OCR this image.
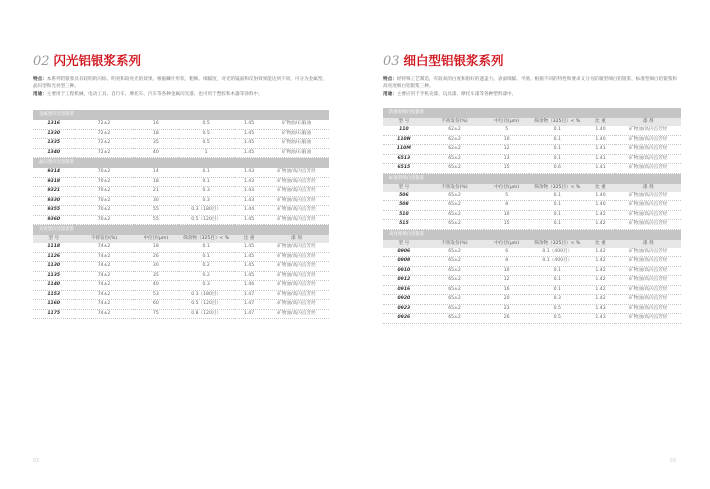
02 闪光铝银浆系列

特点：本系列铝银浆具有较明的闪烁、明亮和较亮光的效果。根据鳞片形状、粗细、细腻度，对光的镜面和反射效果能达到不同，可分为金属型、晶闪型和光亮型三种。

用途：主要用于工程机械、电动工具、自行车、摩托车、汽车等各种金属闪光漆，也可用于塑胶和木器等涂料中。

金属型闪光铝银浆					
1316	72±2	16	0.5	1.45	矿物油/石脑油
1330	72±2	18	0.5	1.45	矿物油/石脑油
1335	72±2	35	0.5	1.45	矿物油/石脑油
1340	72±2	40	1	1.45	矿物油/石脑油
晶闪型闪光铝银浆					
9314	70±2	14	0.1	1.43	矿物油/高闪点芳烃
9318	70±2	18	0.1	1.43	矿物油/高闪点芳烃
9321	70±2	21	0.3	1.43	矿物油/高闪点芳烃
9330	70±2	30	0.3	1.43	矿物油/高闪点芳烃
9355	70±2	55	0.3（180目）	1.44	矿物油/高闪点芳烃
9360	70±2	55	0.5（120目）	1.45	矿物油/高闪点芳烃
光亮型闪光铝银浆					
型 号	不挥发份(%)	中位径(μm)	筛余物（325目）< %	比 重	漆 剂
1118	74±2	18	0.1	1.45	矿物油/高闪点芳烃
1126	74±2	26	0.1	1.45	矿物油/高闪点芳烃
1130	74±2	30	0.2	1.45	矿物油/高闪点芳烃
1135	74±2	35	0.2	1.45	矿物油/高闪点芳烃
1140	74±2	40	0.3	1.46	矿物油/高闪点芳烃
1153	74±2	53	0.3（180目）	1.47	矿物油/高闪点芳烃
1160	74±2	60	0.5（120目）	1.47	矿物油/高闪点芳烃
1175	74±2	75	0.8（120目）	1.47	矿物油/高闪点芳烃
02
03 细白型铝银浆系列

特点：经特殊工艺制造，有较高的白度和很好的遮盖力。表面细腻、平滑。根据不同的特性和要求又分为防腐型细白铝银浆、标准型细白铝银浆和高亮度细白铝银浆三种。

用途：主要应用于手机壳漆、玩具漆、摩托车漆等各种塑料漆中。

防腐型细白铝银浆					
型 号	不挥发份(%)	中位径(μm)	筛余物（325目）< %	比 重	漆 剂
110	62±2	5	0.1	1.40	矿物油/高闪点芳烃
110N	62±2	10	0.1	1.40	矿物油/高闪点芳烃
110M	62±2	12	0.1	1.41	矿物油/高闪点芳烃
6513	65±2	13	0.1	1.41	矿物油/高闪点芳烃
6515	65±2	15	0.6	1.41	矿物油/高闪点芳烃
标准型细白铝银浆					
型 号	不挥发份(%)	中位径(μm)	筛余物（325目）< %	比 重	漆 剂
506	65±2	5	0.1	1.40	矿物油/高闪点芳烃
508	65±2	8	0.1	1.40	矿物油/高闪点芳烃
510	65±2	10	0.1	1.42	矿物油/高闪点芳烃
515	65±2	15	0.1	1.42	矿物油/高闪点芳烃
高亮度细白铝银浆					
型 号	不挥发份(%)	中位径(μm)	筛余物（325目）< %	比 重	漆 剂
0906	65±2	6	0.1（400目）	1.42	矿物油/高闪点芳烃
0908	65±2	8	0.1（400目）	1.42	矿物油/高闪点芳烃
0910	65±2	10	0.1	1.42	矿物油/高闪点芳烃
0912	65±2	12	0.1	1.42	矿物油/高闪点芳烃
0916	65±2	16	0.1	1.42	矿物油/高闪点芳烃
0920	65±2	20	0.3	1.42	矿物油/高闪点芳烃
0923	65±2	23	0.5	1.43	矿物油/高闪点芳烃
0926	65±2	26	0.5	1.43	矿物油/高闪点芳烃
03
